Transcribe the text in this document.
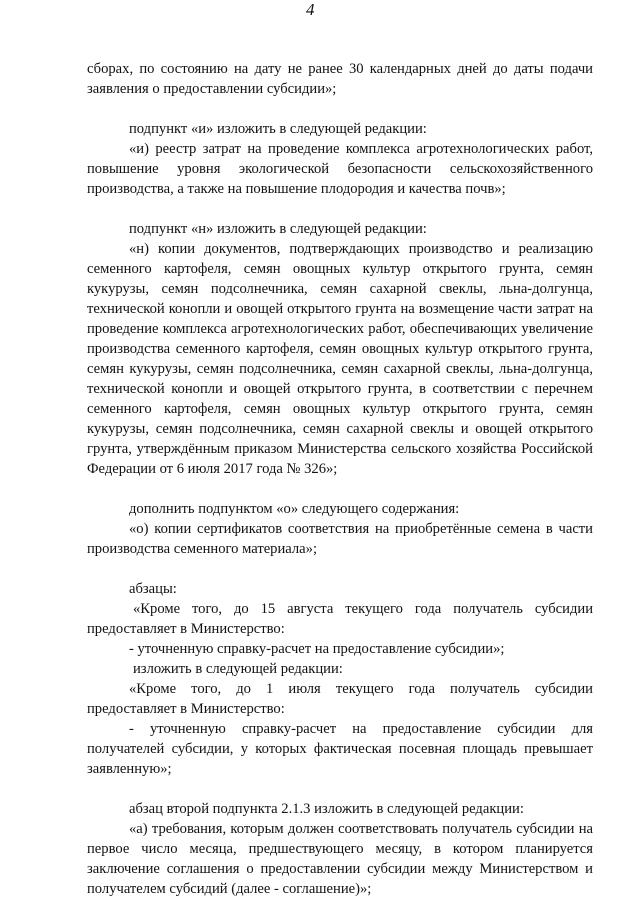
4

сборах, по состоянию на дату не ранее 30 календарных дней до даты подачи заявления о предоставлении субсидии»;

подпункт «и» изложить в следующей редакции:

«и) реестр затрат на проведение комплекса агротехнологических работ, повышение уровня экологической безопасности сельскохозяйственного производства, а также на повышение плодородия и качества почв»;

подпункт «н» изложить в следующей редакции:

«н) копии документов, подтверждающих производство и реализацию семенного картофеля, семян овощных культур открытого грунта, семян кукурузы, семян подсолнечника, семян сахарной свеклы, льна-долгунца, технической конопли и овощей открытого грунта на возмещение части затрат на проведение комплекса агротехнологических работ, обеспечивающих увеличение производства семенного картофеля, семян овощных культур открытого грунта, семян кукурузы, семян подсолнечника, семян сахарной свеклы, льна-долгунца, технической конопли и овощей открытого грунта, в соответствии с перечнем семенного картофеля, семян овощных культур открытого грунта, семян кукурузы, семян подсолнечника, семян сахарной свеклы и овощей открытого грунта, утверждённым приказом Министерства сельского хозяйства Российской Федерации от 6 июля 2017 года № 326»;

дополнить подпунктом «о» следующего содержания:

«о) копии сертификатов соответствия на приобретённые семена в части производства семенного материала»;

абзацы:

«Кроме того, до 15 августа текущего года получатель субсидии предоставляет в Министерство:

- уточненную справку-расчет на предоставление субсидии»;

изложить в следующей редакции:

«Кроме того, до 1 июля текущего года получатель субсидии предоставляет в Министерство:

- уточненную справку-расчет на предоставление субсидии для получателей субсидии, у которых фактическая посевная площадь превышает заявленную»;

абзац второй подпункта 2.1.3 изложить в следующей редакции:

«а) требования, которым должен соответствовать получатель субсидии на первое число месяца, предшествующего месяцу, в котором планируется заключение соглашения о предоставлении субсидии между Министерством и получателем субсидий (далее - соглашение)»;
